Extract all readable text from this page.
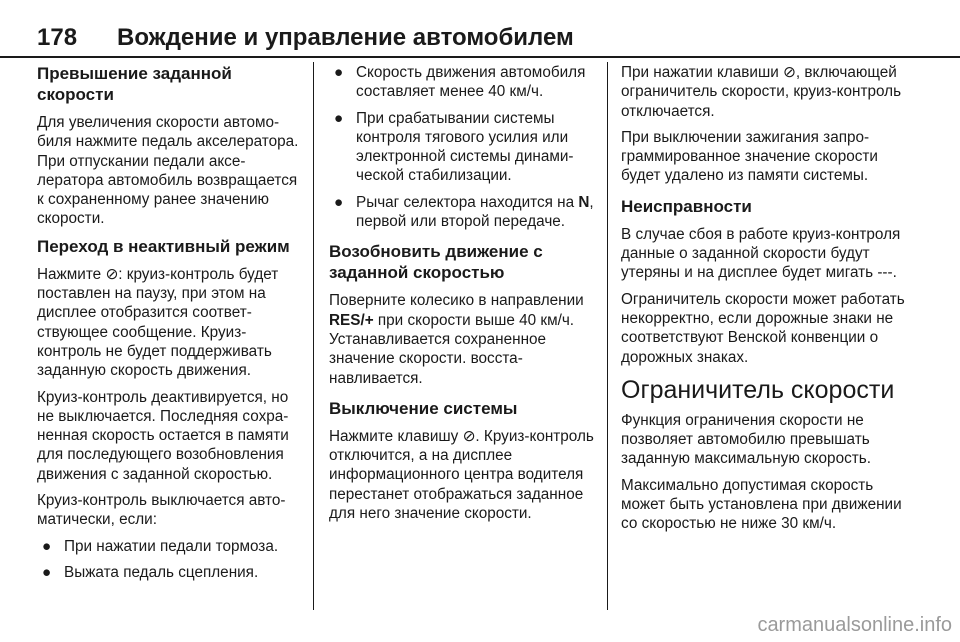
178 Вождение и управление автомобилем
Превышение заданной скорости

Для увеличения скорости автомобиля нажмите педаль акселератора. При отпускании педали акселератора автомобиль возвращается к сохраненному ранее значению скорости.

Переход в неактивный режим

Нажмите ⊘: круиз-контроль будет поставлен на паузу, при этом на дисплее отобразится соответствующее сообщение. Круиз-контроль не будет поддерживать заданную скорость движения.

Круиз-контроль деактивируется, но не выключается. Последняя сохраненная скорость остается в памяти для последующего возобновления движения с заданной скоростью.

Круиз-контроль выключается автоматически, если:

● При нажатии педали тормоза.
● Выжата педаль сцепления.
● Скорость движения автомобиля составляет менее 40 км/ч.
● При срабатывании системы контроля тягового усилия или электронной системы динамической стабилизации.
● Рычаг селектора находится на N, первой или второй передаче.
Возобновить движение с заданной скоростью

Поверните колесико в направлении RES/+ при скорости выше 40 км/ч. Устанавливается сохраненное значение скорости. восстанавливается.

Выключение системы

Нажмите клавишу ⊘. Круиз-контроль отключится, а на дисплее информационного центра водителя перестанет отображаться заданное для него значение скорости.

При нажатии клавиши ⊘, включающей ограничитель скорости, круиз-контроль отключается.

При выключении зажигания запрограммированное значение скорости будет удалено из памяти системы.

Неисправности

В случае сбоя в работе круиз-контроля данные о заданной скорости будут утеряны и на дисплее будет мигать ---.

Ограничитель скорости может работать некорректно, если дорожные знаки не соответствуют Венской конвенции о дорожных знаках.

Ограничитель скорости

Функция ограничения скорости не позволяет автомобилю превышать заданную максимальную скорость.

Максимально допустимая скорость может быть установлена при движении со скоростью не ниже 30 км/ч.

carmanualsonline.info
